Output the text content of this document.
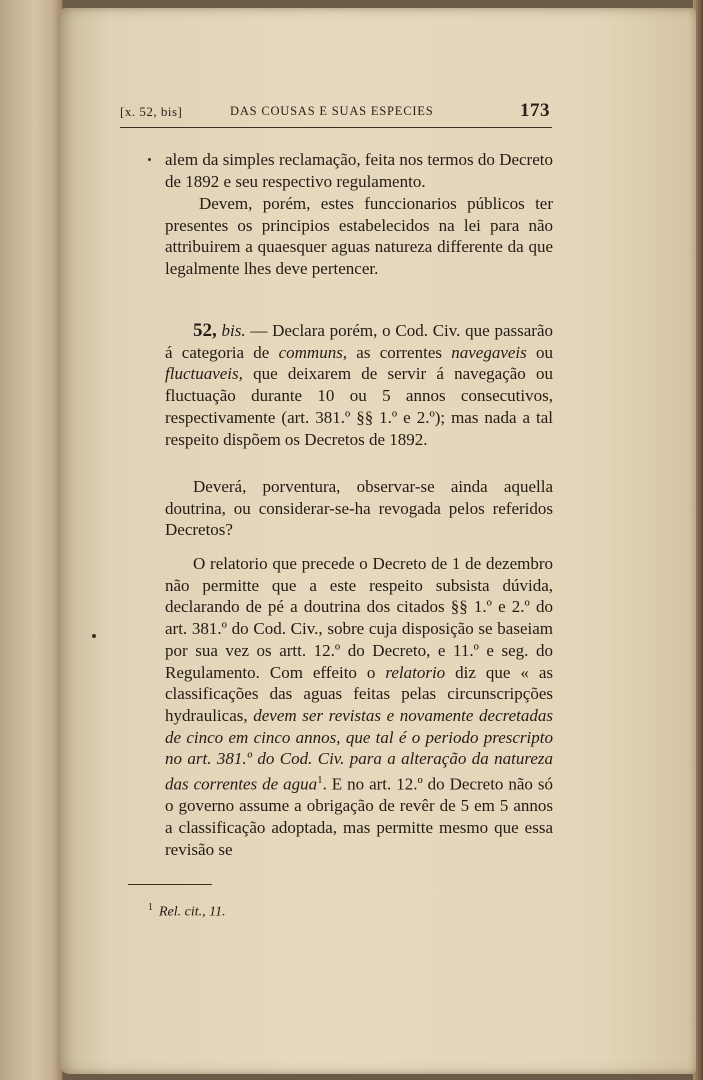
[x. 52, bis]	DAS COUSAS E SUAS ESPECIES	173

alem da simples reclamação, feita nos termos do Decreto de 1892 e seu respectivo regulamento.

Devem, porém, estes funccionarios públicos ter presentes os principios estabelecidos na lei para não attribuirem a quaesquer aguas natureza differente da que legalmente lhes deve pertencer.

52, bis. — Declara porém, o Cod. Civ. que passarão á categoria de communs, as correntes navegaveis ou fluctuaveis, que deixarem de servir á navegação ou fluctuação durante 10 ou 5 annos consecutivos, respectivamente (art. 381.º §§ 1.º e 2.º); mas nada a tal respeito dispõem os Decretos de 1892.

Deverá, porventura, observar-se ainda aquella doutrina, ou considerar-se-ha revogada pelos referidos Decretos?

O relatorio que precede o Decreto de 1 de dezembro não permitte que a este respeito subsista dúvida, declarando de pé a doutrina dos citados §§ 1.º e 2.º do art. 381.º do Cod. Civ., sobre cuja disposição se baseiam por sua vez os artt. 12.º do Decreto, e 11.º e seg. do Regulamento. Com effeito o relatorio diz que « as classificações das aguas feitas pelas circunscripções hydraulicas, devem ser revistas e novamente decretadas de cinco em cinco annos, que tal é o periodo prescripto no art. 381.º do Cod. Civ. para a alteração da natureza das correntes de agua$^1$. E no art. 12.º do Decreto não só o governo assume a obrigação de revêr de 5 em 5 annos a classificação adoptada, mas permitte mesmo que essa revisão se

$^1$ Rel. cit., 11.
